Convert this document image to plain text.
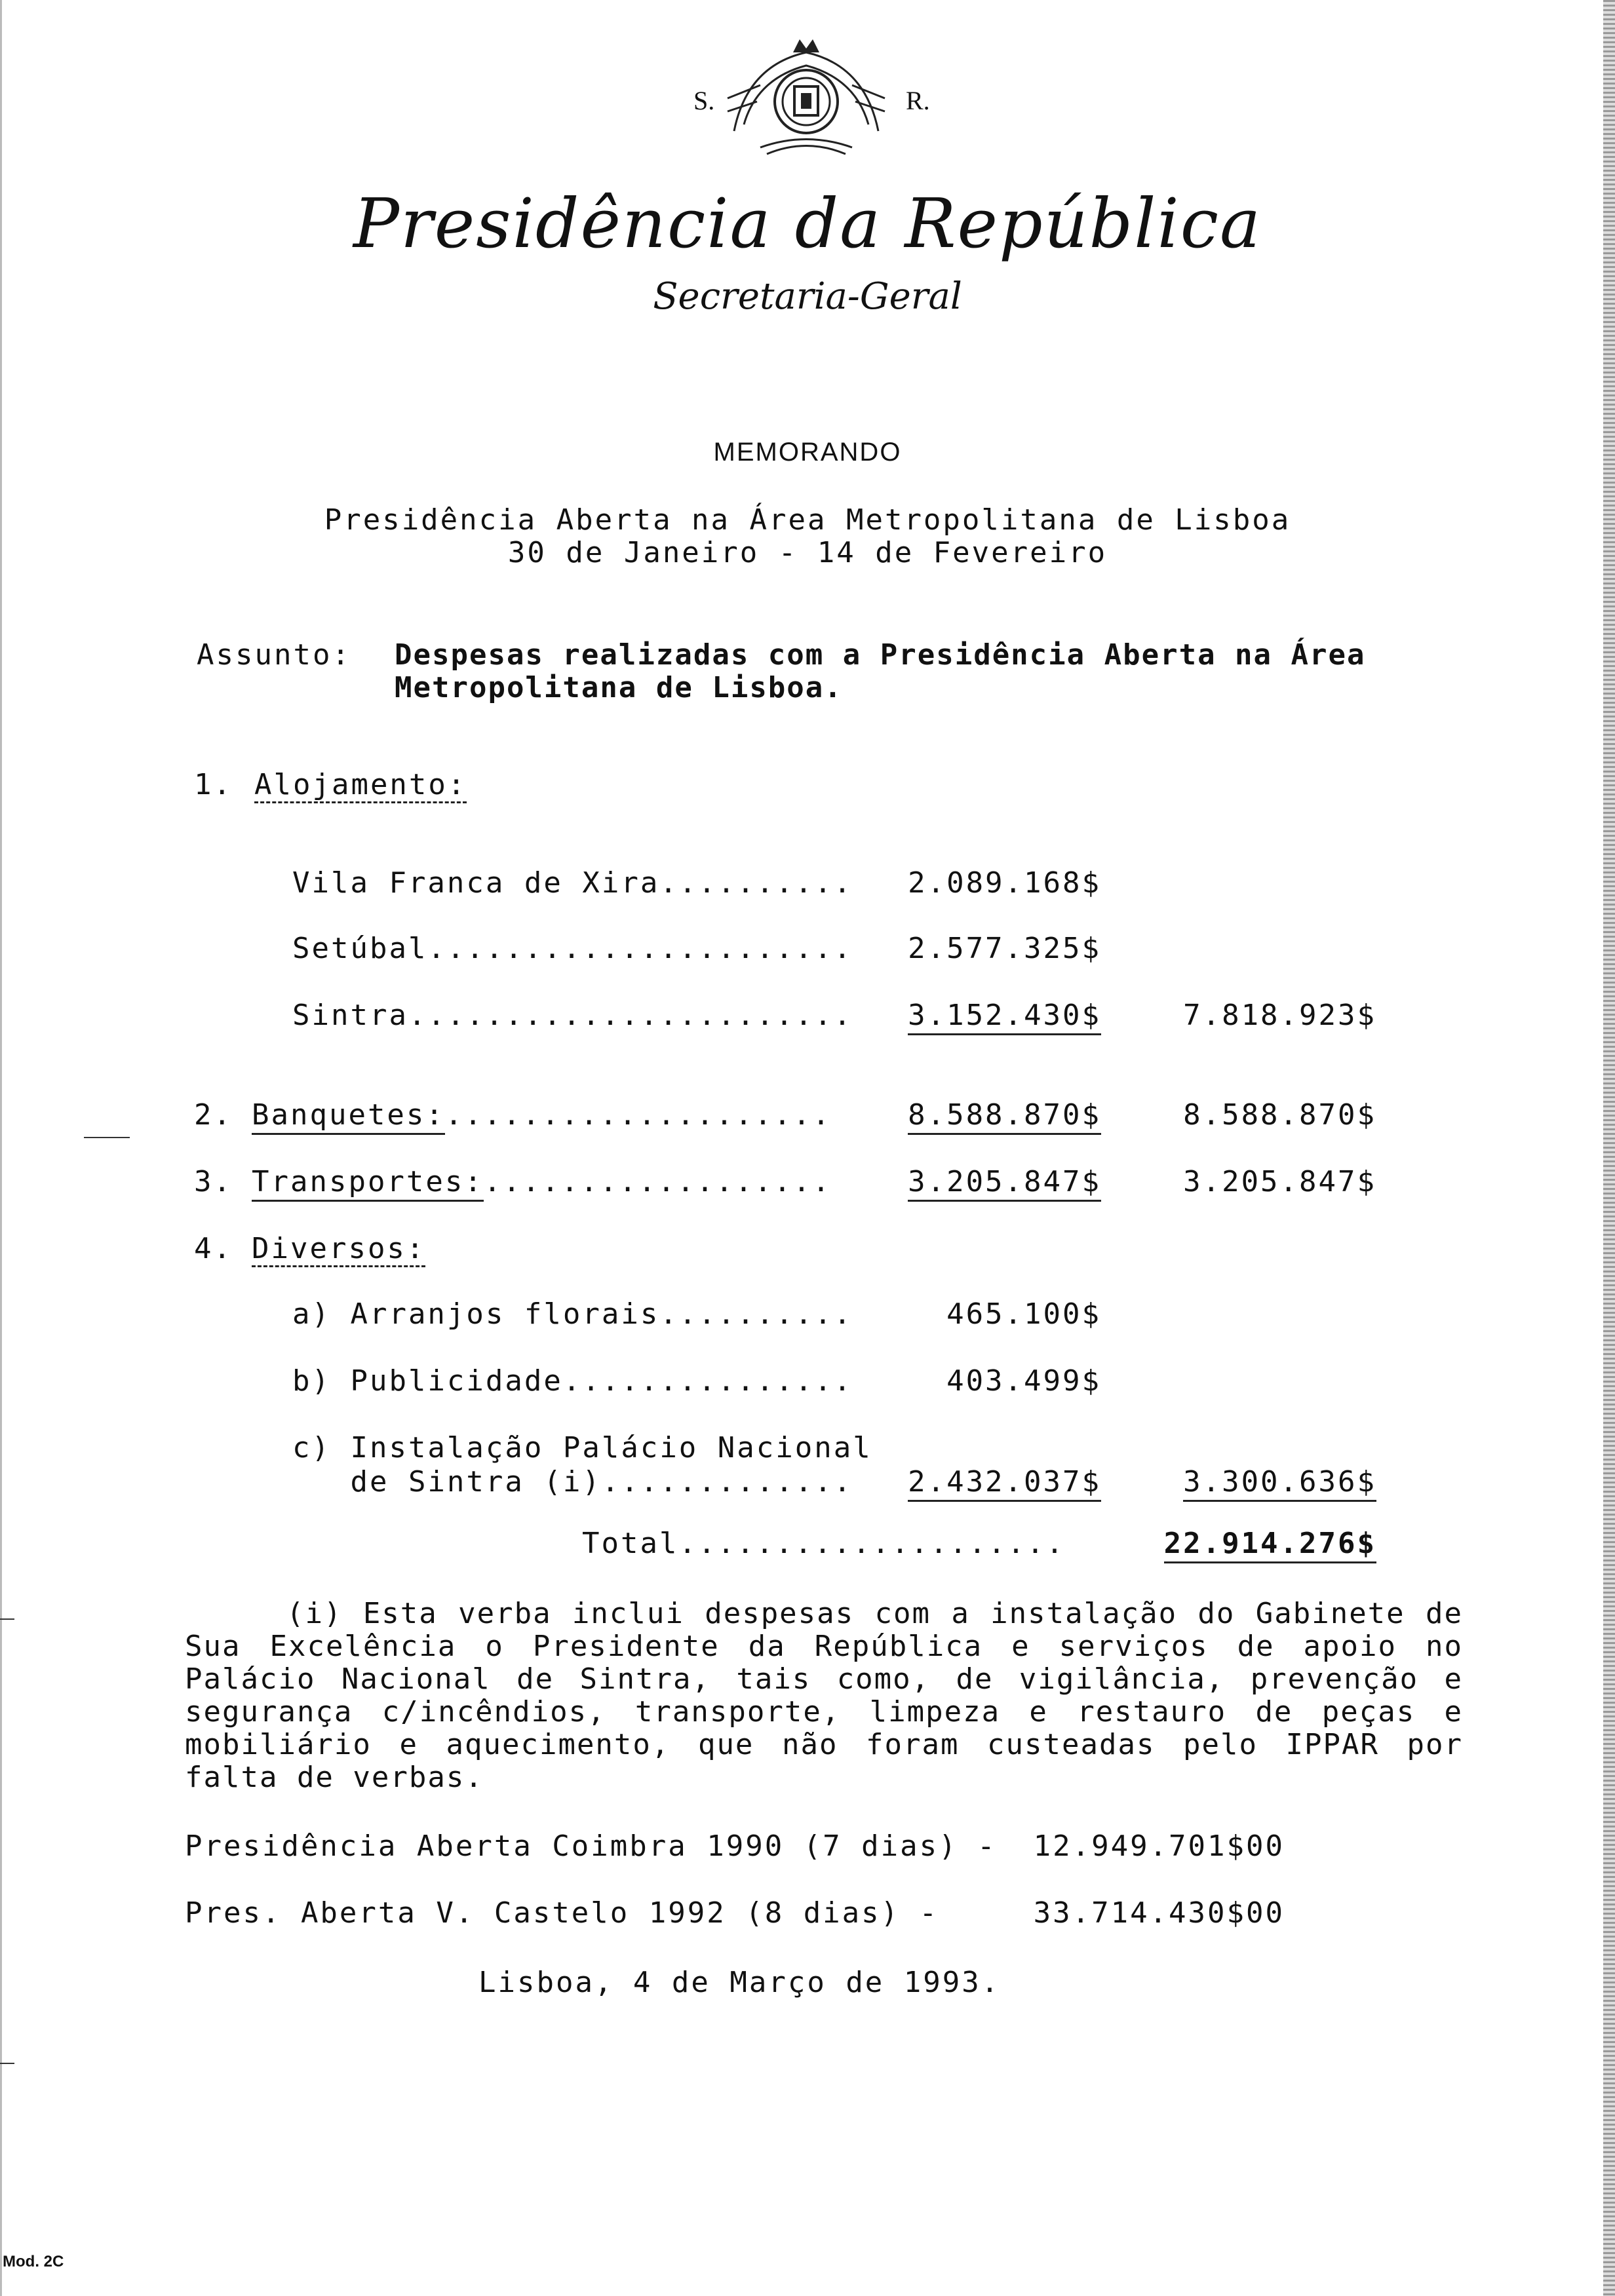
S.	R.
Presidência da República
Secretaria-Geral
MEMORANDO
Presidência Aberta na Área Metropolitana de Lisboa
30 de Janeiro - 14 de Fevereiro
Assunto: Despesas realizadas com a Presidência Aberta na Área
Metropolitana de Lisboa.
1. Alojamento:
Vila Franca de Xira..........	2.089.168$
Setúbal......................	2.577.325$
Sintra.......................	3.152.430$	7.818.923$
2. Banquetes:....................	8.588.870$	8.588.870$
3. Transportes:..................	3.205.847$	3.205.847$
4. Diversos:
a) Arranjos florais..........	465.100$
b) Publicidade...............	403.499$
c) Instalação Palácio Nacional
de Sintra (i).............	2.432.037$	3.300.636$
Total....................	22.914.276$
(i) Esta verba inclui despesas com a instalação do Gabinete de Sua Excelência o Presidente da República e serviços de apoio no Palácio Nacional de Sintra, tais como, de vigilância, prevenção e segurança c/incêndios, transporte, limpeza e restauro de peças e mobiliário e aquecimento, que não foram custeadas pelo IPPAR por falta de verbas.
Presidência Aberta Coimbra 1990 (7 dias) -	12.949.701$00
Pres. Aberta V. Castelo 1992 (8 dias) -	33.714.430$00
Lisboa, 4 de Março de 1993.
Mod. 2C
